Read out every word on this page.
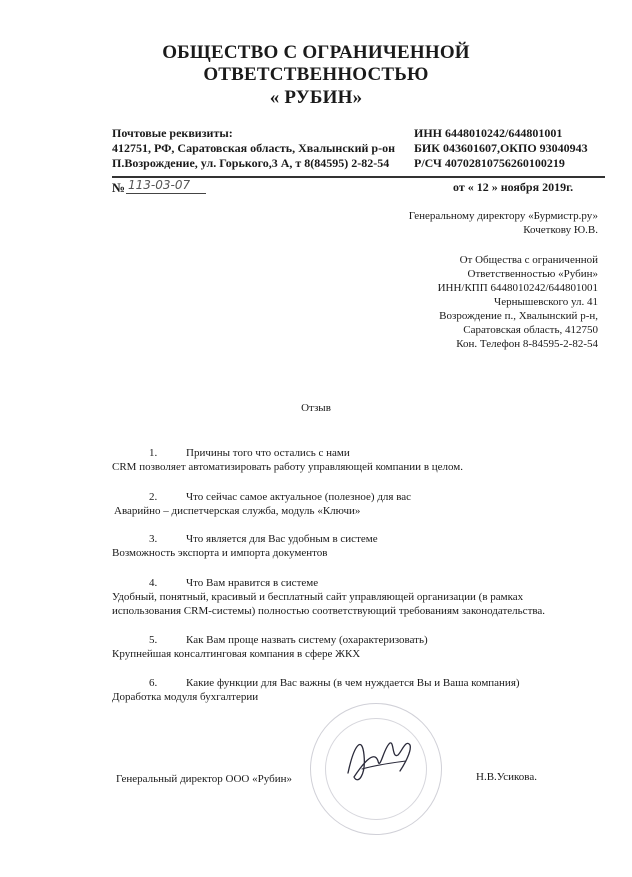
ОБЩЕСТВО С ОГРАНИЧЕННОЙ
ОТВЕТСТВЕННОСТЬЮ
« РУБИН»
Почтовые реквизиты:
412751, РФ, Саратовская область, Хвалынский р-он
П.Возрождение, ул. Горького,3 А, т 8(84595) 2-82-54
ИНН 6448010242/644801001
БИК 043601607,ОКПО 93040943
Р/СЧ 40702810756260100219
№ 113-03-07	от « 12 » ноября 2019г.
Генеральному директору «Бурмистр.ру»
Кочеткову Ю.В.
От Общества с ограниченной
Ответственностью «Рубин»
ИНН/КПП 6448010242/644801001
Чернышевского ул. 41
Возрождение п., Хвалынский р-н,
Саратовская область, 412750
Кон. Телефон 8-84595-2-82-54
Отзыв
1.	Причины того что остались с нами
CRM позволяет автоматизировать работу управляющей компании в целом.
2.	Что сейчас самое актуальное (полезное) для вас
Аварийно – диспетчерская служба, модуль «Ключи»
3.	Что является для Вас удобным в системе
Возможность экспорта и импорта документов
4.	Что Вам нравится в системе
Удобный, понятный, красивый и бесплатный сайт управляющей организации (в рамках
использования CRM-системы) полностью соответствующий требованиям законодательства.
5.	Как Вам проще назвать систему (охарактеризовать)
Крупнейшая консалтинговая компания в сфере ЖКХ
6.	Какие функции для Вас важны (в чем нуждается Вы и Ваша компания)
Доработка модуля бухгалтерии
Генеральный директор ООО «Рубин»	Н.В.Усикова.
